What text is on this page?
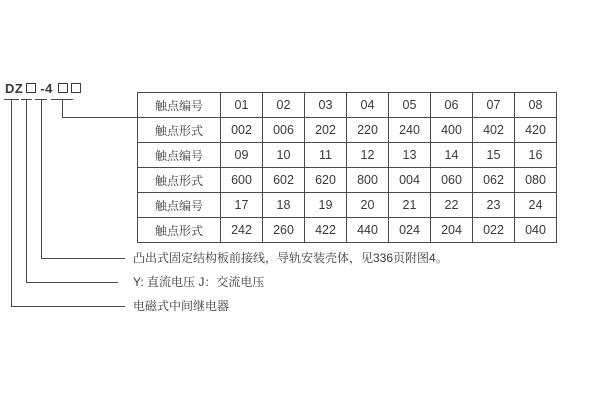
DZ -4
触点编号	01	02	03	04	05	06	07	08
触点形式	002	006	202	220	240	400	402	420
触点编号	09	10	11	12	13	14	15	16
触点形式	600	602	620	800	004	060	062	080
触点编号	17	18	19	20	21	22	23	24
触点形式	242	260	422	440	024	204	022	040
凸出式固定结构板前接线，导轨安装壳体，见336页附图4。
Y: 直流电压 J：交流电压
电磁式中间继电器
